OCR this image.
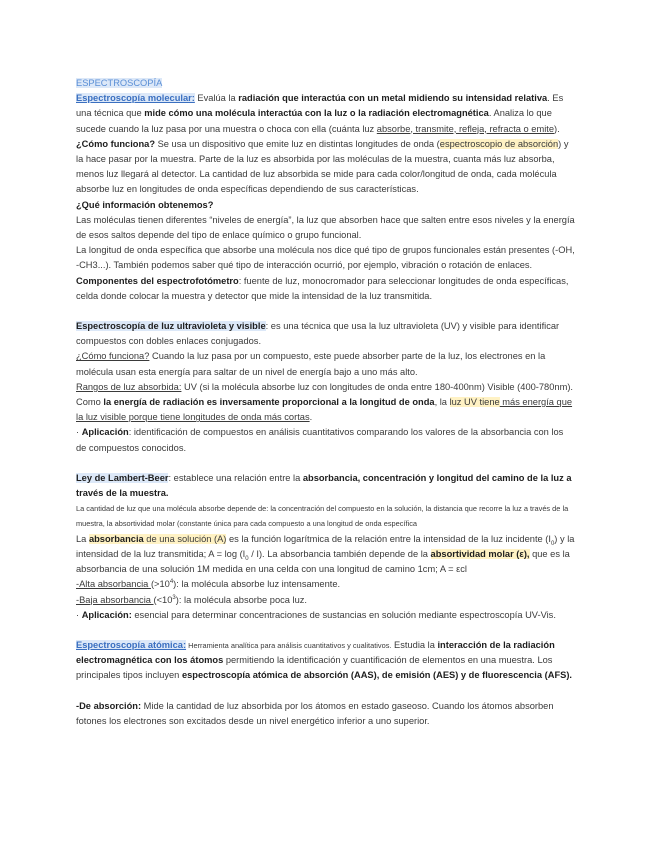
ESPECTROSCOPÍA

Espectroscopía molecular: Evalúa la radiación que interactúa con un metal midiendo su intensidad relativa. Es una técnica que mide cómo una molécula interactúa con la luz o la radiación electromagnética. Analiza lo que sucede cuando la luz pasa por una muestra o choca con ella (cuánta luz absorbe, transmite, refleja, refracta o emite).

¿Cómo funciona? Se usa un dispositivo que emite luz en distintas longitudes de onda (espectroscopio de absorción) y la hace pasar por la muestra. Parte de la luz es absorbida por las moléculas de la muestra, cuanta más luz absorba, menos luz llegará al detector. La cantidad de luz absorbida se mide para cada color/longitud de onda, cada molécula absorbe luz en longitudes de onda específicas dependiendo de sus características.

¿Qué información obtenemos?

Las moléculas tienen diferentes “niveles de energía”, la luz que absorben hace que salten entre esos niveles y la energía de esos saltos depende del tipo de enlace químico o grupo funcional.

La longitud de onda específica que absorbe una molécula nos dice qué tipo de grupos funcionales están presentes (-OH, -CH3...). También podemos saber qué tipo de interacción ocurrió, por ejemplo, vibración o rotación de enlaces.

Componentes del espectrofotómetro: fuente de luz, monocromador para seleccionar longitudes de onda específicas, celda donde colocar la muestra y detector que mide la intensidad de la luz transmitida.

Espectroscopía de luz ultravioleta y visible: es una técnica que usa la luz ultravioleta (UV) y visible para identificar compuestos con dobles enlaces conjugados.

¿Cómo funciona? Cuando la luz pasa por un compuesto, este puede absorber parte de la luz, los electrones en la molécula usan esta energía para saltar de un nivel de energía bajo a uno más alto.

Rangos de luz absorbida: UV (si la molécula absorbe luz con longitudes de onda entre 180-400nm) Visible (400-780nm).

Como la energía de radiación es inversamente proporcional a la longitud de onda, la luz UV tiene más energía que la luz visible porque tiene longitudes de onda más cortas.

· Aplicación: identificación de compuestos en análisis cuantitativos comparando los valores de la absorbancia con los de compuestos conocidos.

Ley de Lambert-Beer: establece una relación entre la absorbancia, concentración y longitud del camino de la luz a través de la muestra.

La cantidad de luz que una molécula absorbe depende de: la concentración del compuesto en la solución, la distancia que recorre la luz a través de la muestra, la absortividad molar (constante única para cada compuesto a una longitud de onda específica

La absorbancia de una solución (A) es la función logarítmica de la relación entre la intensidad de la luz incidente $(I_0)$ y la intensidad de la luz transmitida; $A = \log (I_0 / I)$. La absorbancia también depende de la absortividad molar (ε), que es la absorbancia de una solución 1M medida en una celda con una longitud de camino 1cm; A = εcl

-Alta absorbancia $(>10^4)$: la molécula absorbe luz intensamente.

-Baja absorbancia $(<10^3)$: la molécula absorbe poca luz.

· Aplicación: esencial para determinar concentraciones de sustancias en solución mediante espectroscopía UV-Vis.

Espectroscopía atómica: Herramienta analítica para análisis cuantitativos y cualitativos. Estudia la interacción de la radiación electromagnética con los átomos permitiendo la identificación y cuantificación de elementos en una muestra. Los principales tipos incluyen espectroscopía atómica de absorción (AAS), de emisión (AES) y de fluorescencia (AFS).

-De absorción: Mide la cantidad de luz absorbida por los átomos en estado gaseoso. Cuando los átomos absorben fotones los electrones son excitados desde un nivel energético inferior a uno superior.
